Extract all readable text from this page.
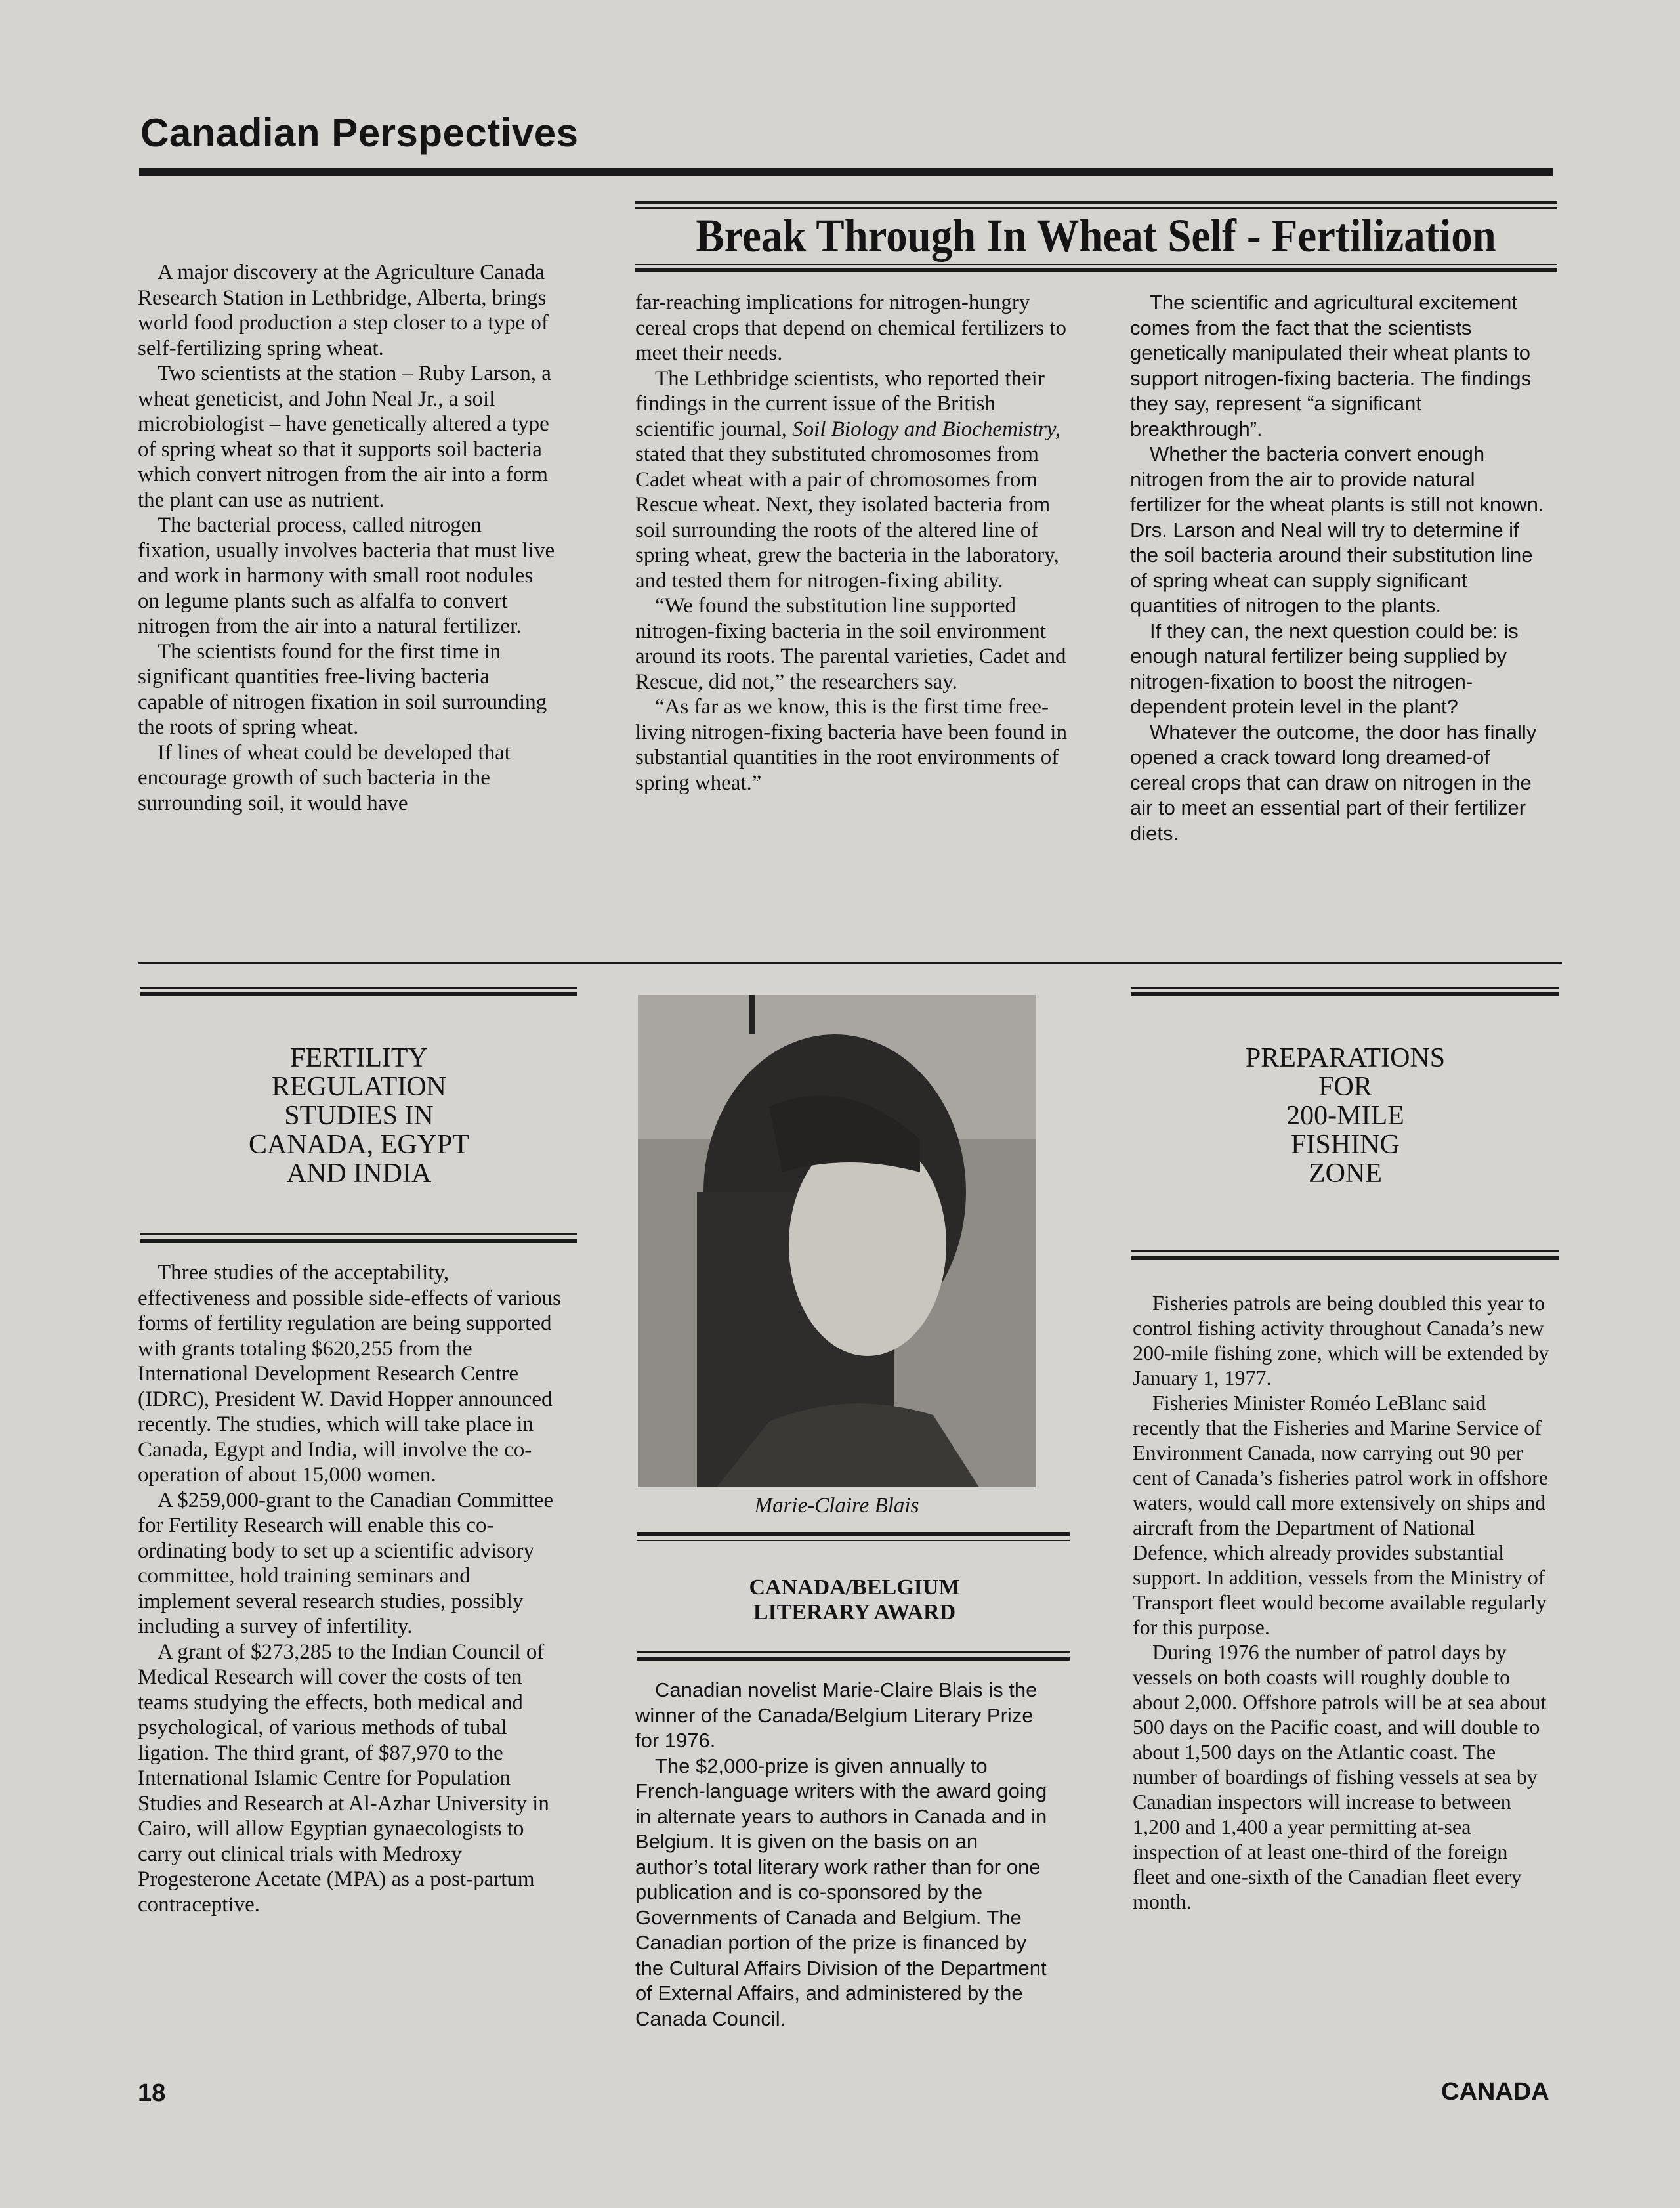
Canadian Perspectives
Break Through In Wheat Self - Fertilization

A major discovery at the Agriculture Canada Research Station in Lethbridge, Alberta, brings world food production a step closer to a type of self-fertilizing spring wheat.

Two scientists at the station – Ruby Larson, a wheat geneticist, and John Neal Jr., a soil microbiologist – have genetically altered a type of spring wheat so that it supports soil bacteria which convert nitrogen from the air into a form the plant can use as nutrient.

The bacterial process, called nitrogen fixation, usually involves bacteria that must live and work in harmony with small root nodules on legume plants such as alfalfa to convert nitrogen from the air into a natural fertilizer.

The scientists found for the first time in significant quantities free-living bacteria capable of nitrogen fixation in soil surrounding the roots of spring wheat.

If lines of wheat could be developed that encourage growth of such bacteria in the surrounding soil, it would have

far-reaching implications for nitrogen-hungry cereal crops that depend on chemical fertilizers to meet their needs.

The Lethbridge scientists, who reported their findings in the current issue of the British scientific journal, Soil Biology and Biochemistry, stated that they substituted chromosomes from Cadet wheat with a pair of chromosomes from Rescue wheat. Next, they isolated bacteria from soil surrounding the roots of the altered line of spring wheat, grew the bacteria in the laboratory, and tested them for nitrogen-fixing ability.

“We found the substitution line supported nitrogen-fixing bacteria in the soil environment around its roots. The parental varieties, Cadet and Rescue, did not,” the researchers say.

“As far as we know, this is the first time free-living nitrogen-fixing bacteria have been found in substantial quantities in the root environments of spring wheat.”

The scientific and agricultural excitement comes from the fact that the scientists genetically manipulated their wheat plants to support nitrogen-fixing bacteria. The findings they say, represent “a significant breakthrough”.

Whether the bacteria convert enough nitrogen from the air to provide natural fertilizer for the wheat plants is still not known. Drs. Larson and Neal will try to determine if the soil bacteria around their substitution line of spring wheat can supply significant quantities of nitrogen to the plants.

If they can, the next question could be: is enough natural fertilizer being supplied by nitrogen-fixation to boost the nitrogen-dependent protein level in the plant?

Whatever the outcome, the door has finally opened a crack toward long dreamed-of cereal crops that can draw on nitrogen in the air to meet an essential part of their fertilizer diets.

FERTILITY
REGULATION
STUDIES IN
CANADA, EGYPT
AND INDIA

Three studies of the acceptability, effectiveness and possible side-effects of various forms of fertility regulation are being supported with grants totaling $620,255 from the International Development Research Centre (IDRC), President W. David Hopper announced recently. The studies, which will take place in Canada, Egypt and India, will involve the co-operation of about 15,000 women.

A $259,000-grant to the Canadian Committee for Fertility Research will enable this co-ordinating body to set up a scientific advisory committee, hold training seminars and implement several research studies, possibly including a survey of infertility.

A grant of $273,285 to the Indian Council of Medical Research will cover the costs of ten teams studying the effects, both medical and psychological, of various methods of tubal ligation. The third grant, of $87,970 to the International Islamic Centre for Population Studies and Research at Al-Azhar University in Cairo, will allow Egyptian gynaecologists to carry out clinical trials with Medroxy Progesterone Acetate (MPA) as a post-partum contraceptive.

Marie-Claire Blais
CANADA/BELGIUM
LITERARY AWARD

Canadian novelist Marie-Claire Blais is the winner of the Canada/Belgium Literary Prize for 1976.

The $2,000-prize is given annually to French-language writers with the award going in alternate years to authors in Canada and in Belgium. It is given on the basis on an author’s total literary work rather than for one publication and is co-sponsored by the Governments of Canada and Belgium. The Canadian portion of the prize is financed by the Cultural Affairs Division of the Department of External Affairs, and administered by the Canada Council.

PREPARATIONS
FOR
200-MILE
FISHING
ZONE

Fisheries patrols are being doubled this year to control fishing activity throughout Canada’s new 200-mile fishing zone, which will be extended by January 1, 1977.

Fisheries Minister Roméo LeBlanc said recently that the Fisheries and Marine Service of Environment Canada, now carrying out 90 per cent of Canada’s fisheries patrol work in offshore waters, would call more extensively on ships and aircraft from the Department of National Defence, which already provides substantial support. In addition, vessels from the Ministry of Transport fleet would become available regularly for this purpose.

During 1976 the number of patrol days by vessels on both coasts will roughly double to about 2,000. Offshore patrols will be at sea about 500 days on the Pacific coast, and will double to about 1,500 days on the Atlantic coast. The number of boardings of fishing vessels at sea by Canadian inspectors will increase to between 1,200 and 1,400 a year permitting at-sea inspection of at least one-third of the foreign fleet and one-sixth of the Canadian fleet every month.

18	CANADA
